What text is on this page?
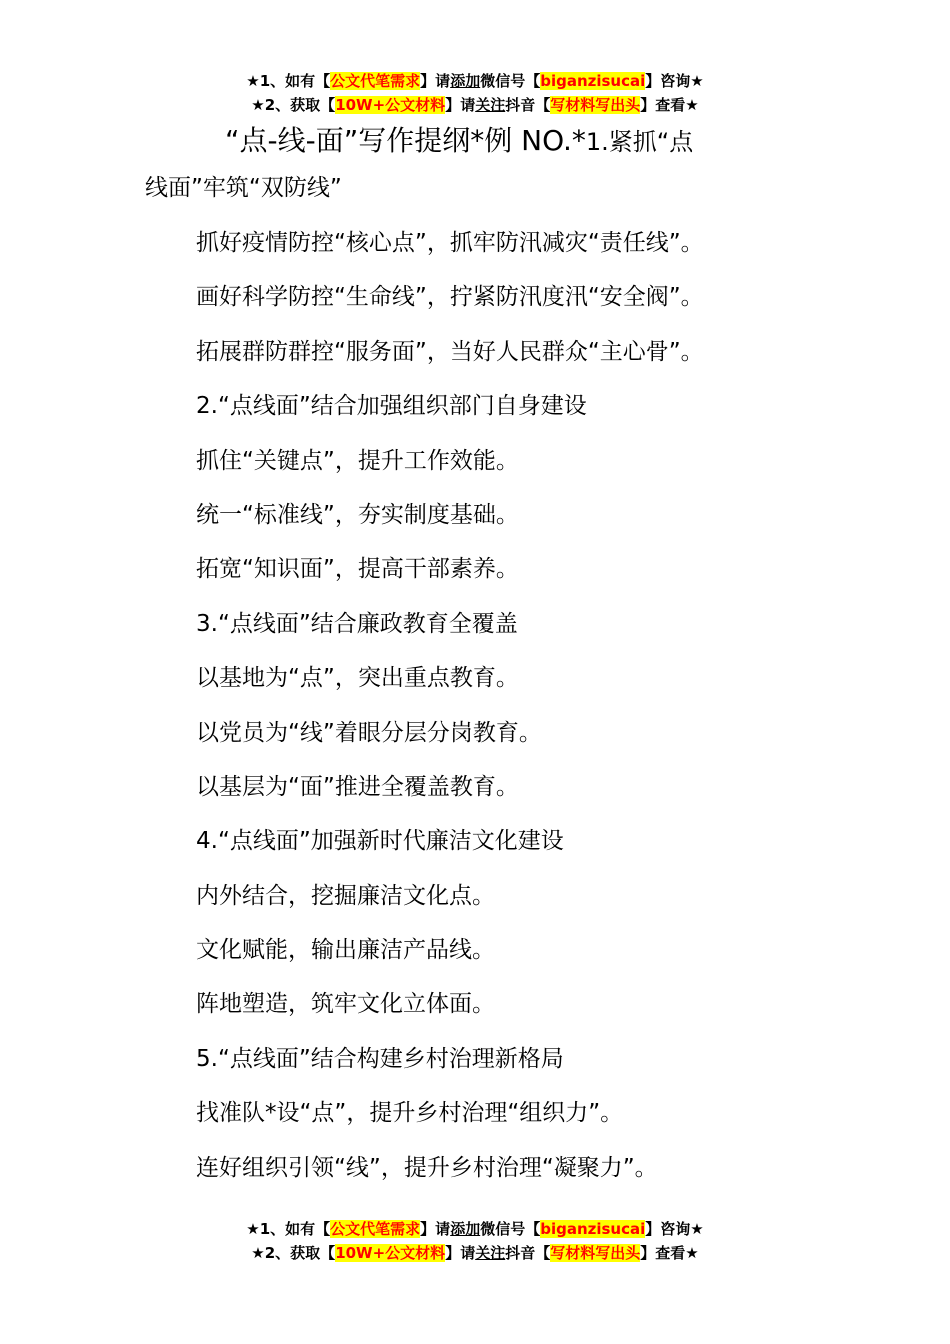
★1、如有【公文代笔需求】请添加微信号【biganzisucai】咨询★
★2、获取【10W+公文材料】请关注抖音【写材料写出头】查看★
“点-线-面”写作提纲*例 NO.*1.紧抓“点
线面”牢筑“双防线”
抓好疫情防控“核心点”，抓牢防汛减灾“责任线”。
画好科学防控“生命线”，拧紧防汛度汛“安全阀”。
拓展群防群控“服务面”，当好人民群众“主心骨”。
2.“点线面”结合加强组织部门自身建设
抓住“关键点”，提升工作效能。
统一“标准线”，夯实制度基础。
拓宽“知识面”，提高干部素养。
3.“点线面”结合廉政教育全覆盖
以基地为“点”，突出重点教育。
以党员为“线”着眼分层分岗教育。
以基层为“面”推进全覆盖教育。
4.“点线面”加强新时代廉洁文化建设
内外结合，挖掘廉洁文化点。
文化赋能，输出廉洁产品线。
阵地塑造，筑牢文化立体面。
5.“点线面”结合构建乡村治理新格局
找准队*设“点”，提升乡村治理“组织力”。
连好组织引领“线”，提升乡村治理“凝聚力”。
★1、如有【公文代笔需求】请添加微信号【biganzisucai】咨询★
★2、获取【10W+公文材料】请关注抖音【写材料写出头】查看★
